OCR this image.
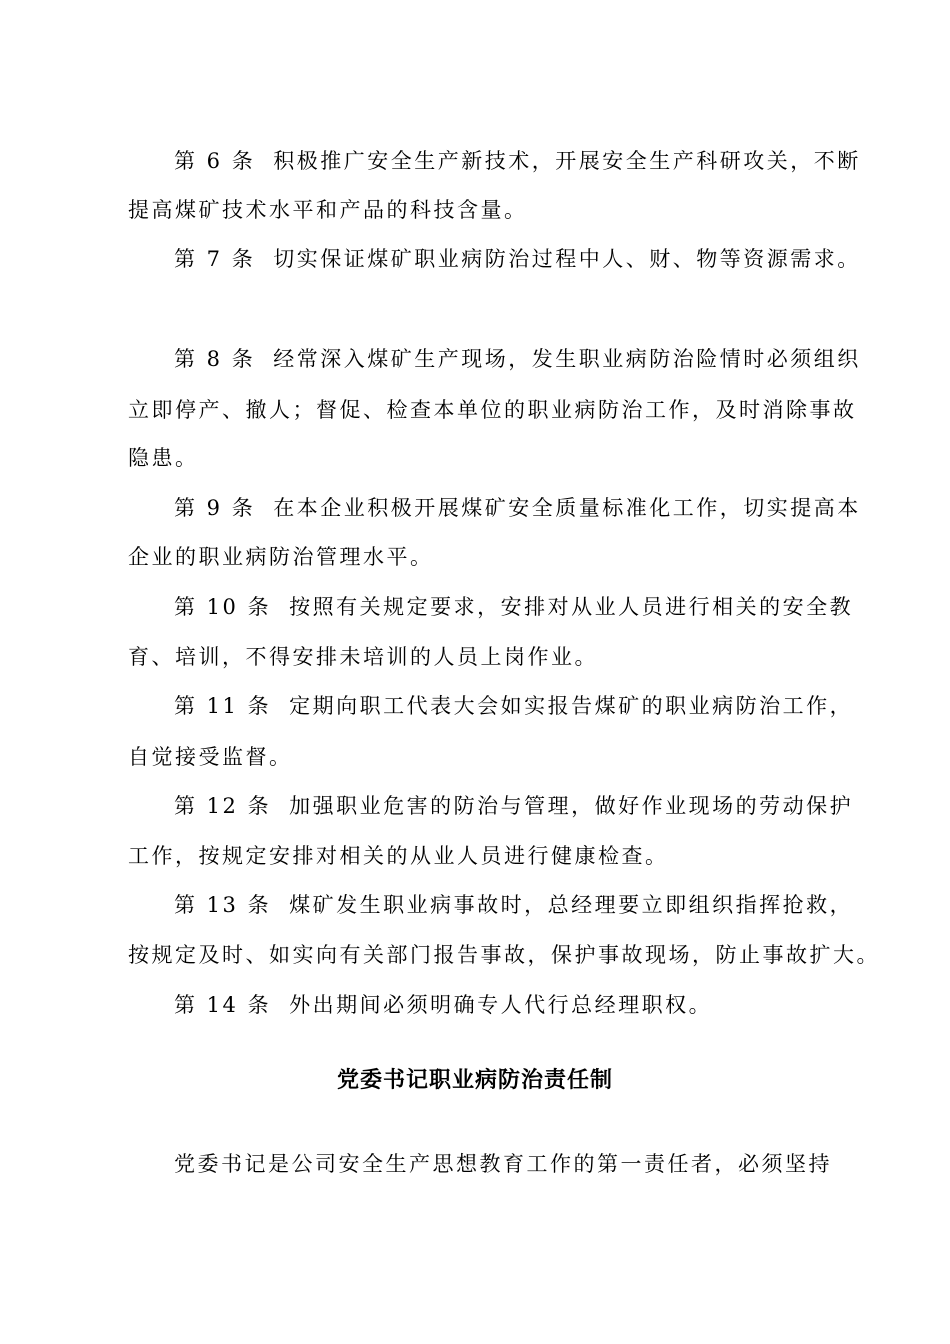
第 6 条 积极推广安全生产新技术，开展安全生产科研攻关，不断
提高煤矿技术水平和产品的科技含量。
第 7 条 切实保证煤矿职业病防治过程中人、财、物等资源需求。
第 8 条 经常深入煤矿生产现场，发生职业病防治险情时必须组织
立即停产、撤人；督促、检查本单位的职业病防治工作，及时消除事故
隐患。
第 9 条 在本企业积极开展煤矿安全质量标准化工作，切实提高本
企业的职业病防治管理水平。
第 10 条 按照有关规定要求，安排对从业人员进行相关的安全教
育、培训，不得安排未培训的人员上岗作业。
第 11 条 定期向职工代表大会如实报告煤矿的职业病防治工作，
自觉接受监督。
第 12 条 加强职业危害的防治与管理，做好作业现场的劳动保护
工作，按规定安排对相关的从业人员进行健康检查。
第 13 条 煤矿发生职业病事故时，总经理要立即组织指挥抢救，
按规定及时、如实向有关部门报告事故，保护事故现场，防止事故扩大。
第 14 条 外出期间必须明确专人代行总经理职权。
党委书记职业病防治责任制
党委书记是公司安全生产思想教育工作的第一责任者，必须坚持
